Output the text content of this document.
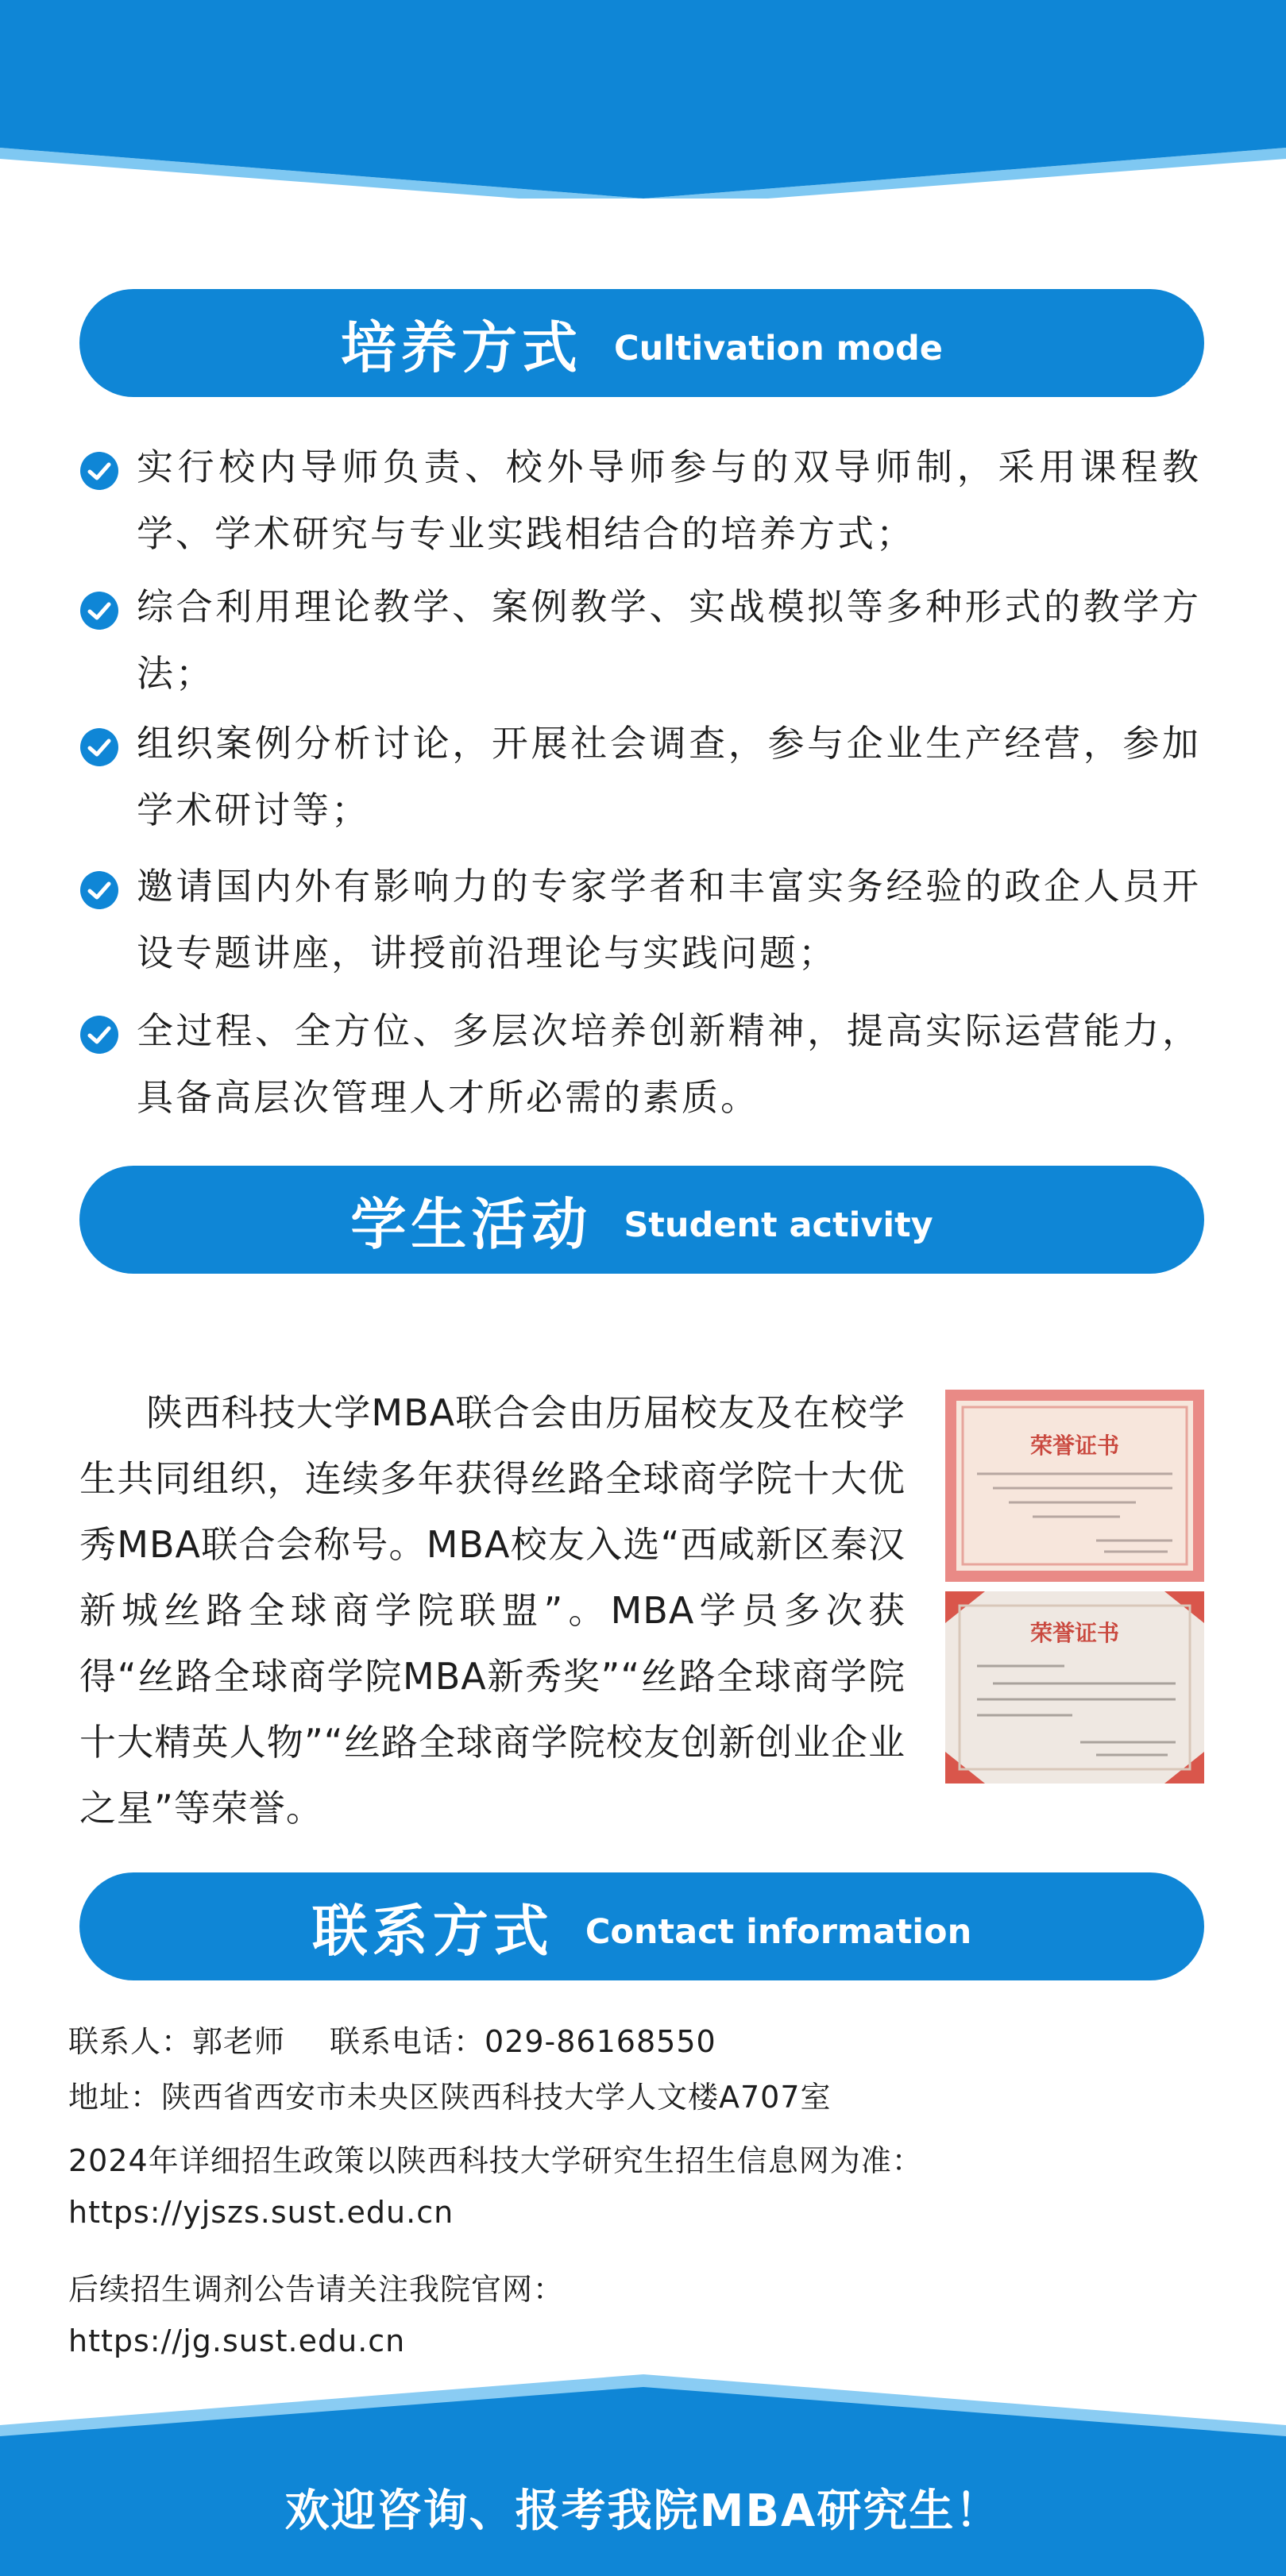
培养方式 Cultivation mode
实行校内导师负责、校外导师参与的双导师制，采用课程教学、学术研究与专业实践相结合的培养方式；
综合利用理论教学、案例教学、实战模拟等多种形式的教学方法；
组织案例分析讨论，开展社会调查，参与企业生产经营，参加学术研讨等；
邀请国内外有影响力的专家学者和丰富实务经验的政企人员开设专题讲座，讲授前沿理论与实践问题；
全过程、全方位、多层次培养创新精神，提高实际运营能力，具备高层次管理人才所必需的素质。
学生活动 Student activity
陕西科技大学MBA联合会由历届校友及在校学生共同组织，连续多年获得丝路全球商学院十大优秀MBA联合会称号。MBA校友入选“西咸新区秦汉新城丝路全球商学院联盟”。MBA学员多次获得“丝路全球商学院MBA新秀奖”“丝路全球商学院十大精英人物”“丝路全球商学院校友创新创业企业之星”等荣誉。
荣誉证书
荣誉证书
联系方式 Contact information
联系人：郭老师 联系电话：029-86168550
地址：陕西省西安市未央区陕西科技大学人文楼A707室
2024年详细招生政策以陕西科技大学研究生招生信息网为准：
https://yjszs.sust.edu.cn
后续招生调剂公告请关注我院官网：
https://jg.sust.edu.cn
欢迎咨询、报考我院MBA研究生！
